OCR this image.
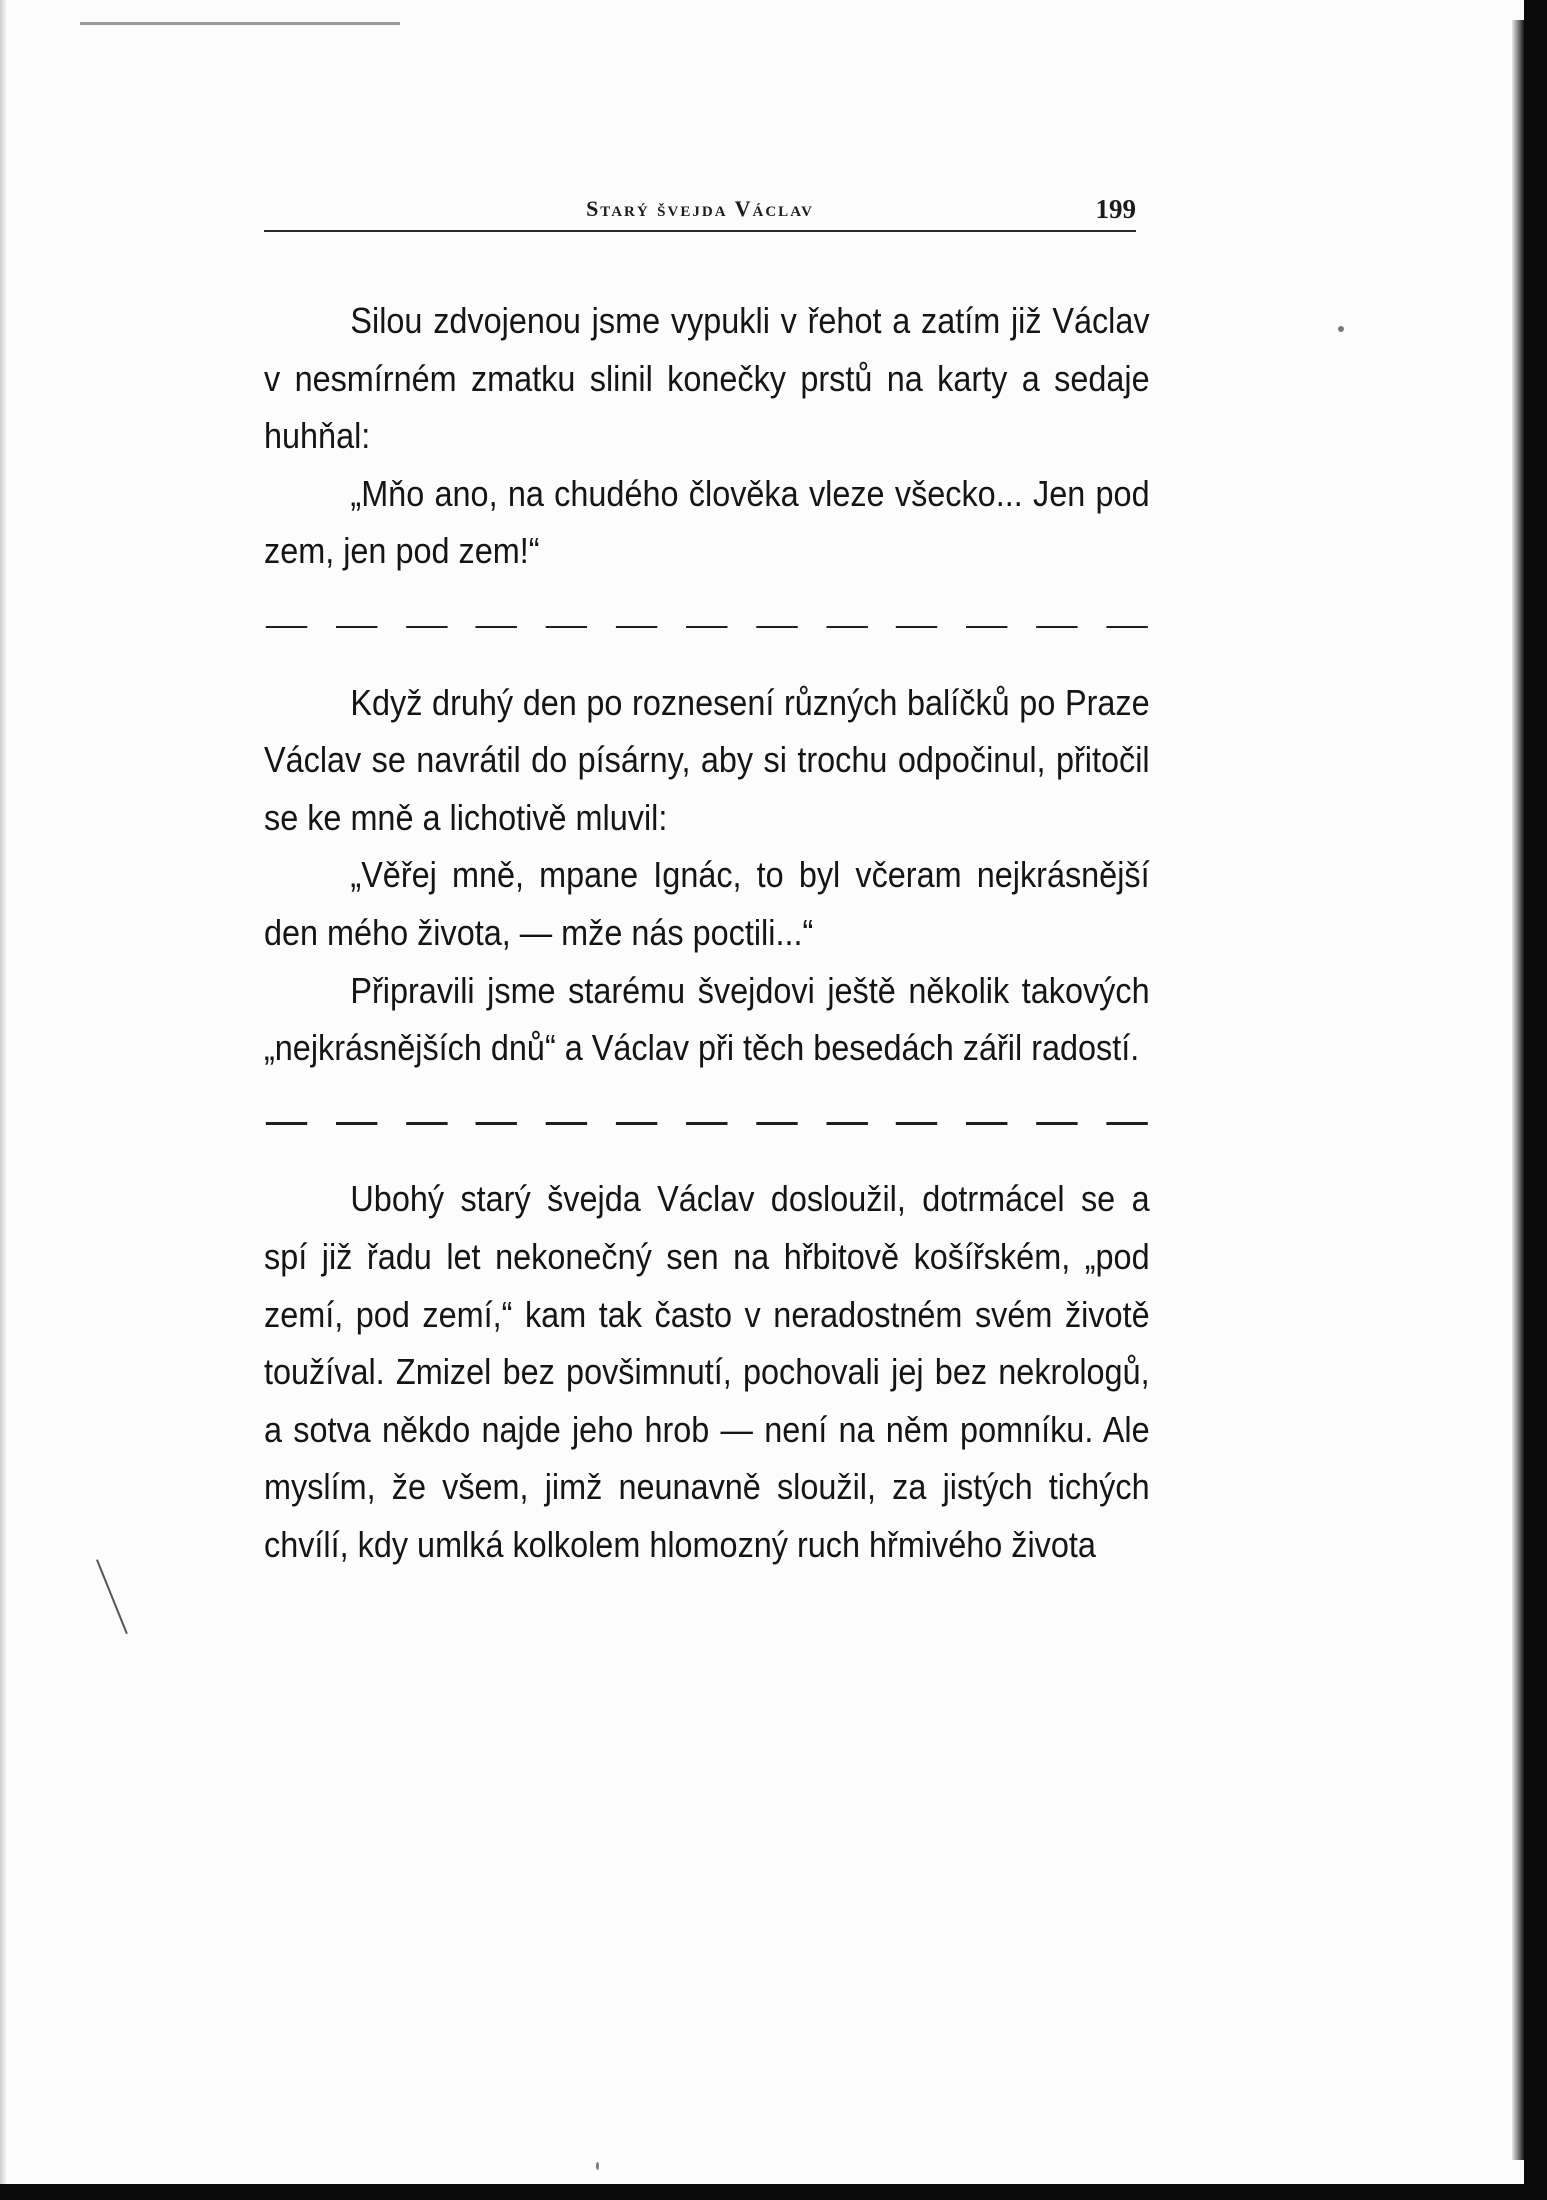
Starý švejda Václav	199

Silou zdvojenou jsme vypukli v řehot a zatím již Václav v nesmírném zmatku slinil konečky prstů na karty a sedaje huhňal:

„Mňo ano, na chudého člověka vleze všecko... Jen pod zem, jen pod zem!“

Když druhý den po roznesení různých balíčků po Praze Václav se navrátil do písárny, aby si trochu odpočinul, přitočil se ke mně a lichotivě mluvil:

„Věřej mně, mpane Ignác, to byl včeram nejkrásnější den mého života, — mže nás poctili...“

Připravili jsme starému švejdovi ještě několik takových „nejkrásnějších dnů“ a Václav při těch besedách zářil radostí.

Ubohý starý švejda Václav dosloužil, dotrmácel se a spí již řadu let nekonečný sen na hřbitově košířském, „pod zemí, pod zemí,“ kam tak často v neradostném svém životě toužíval. Zmizel bez povšimnutí, pochovali jej bez nekrologů, a sotva někdo najde jeho hrob — není na něm pomníku. Ale myslím, že všem, jimž neunavně sloužil, za jistých tichých chvílí, kdy umlká kolkolem hlomozný ruch hřmivého života
